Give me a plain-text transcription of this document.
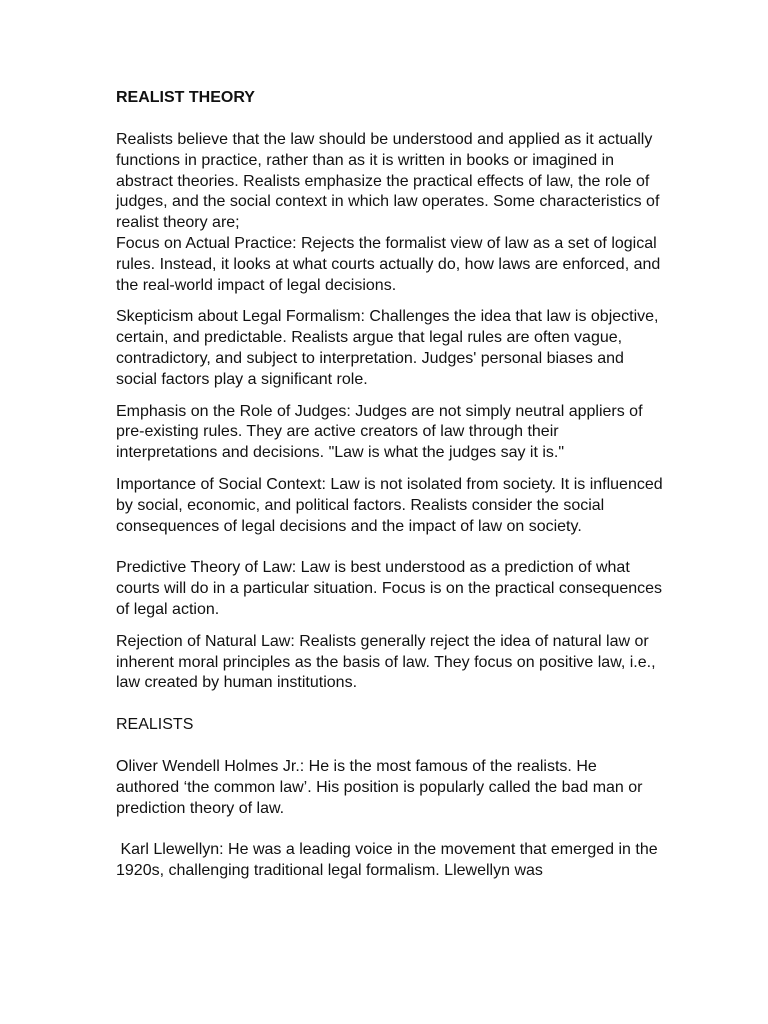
REALIST THEORY

Realists believe that the law should be understood and applied as it actually functions in practice, rather than as it is written in books or imagined in abstract theories. Realists emphasize the practical effects of law, the role of judges, and the social context in which law operates. Some characteristics of realist theory are;

Focus on Actual Practice: Rejects the formalist view of law as a set of logical rules. Instead, it looks at what courts actually do, how laws are enforced, and the real-world impact of legal decisions.

Skepticism about Legal Formalism: Challenges the idea that law is objective, certain, and predictable. Realists argue that legal rules are often vague, contradictory, and subject to interpretation. Judges' personal biases and social factors play a significant role.

Emphasis on the Role of Judges: Judges are not simply neutral appliers of pre-existing rules. They are active creators of law through their interpretations and decisions. "Law is what the judges say it is."

Importance of Social Context: Law is not isolated from society. It is influenced by social, economic, and political factors. Realists consider the social consequences of legal decisions and the impact of law on society.

Predictive Theory of Law: Law is best understood as a prediction of what courts will do in a particular situation. Focus is on the practical consequences of legal action.

Rejection of Natural Law: Realists generally reject the idea of natural law or inherent moral principles as the basis of law. They focus on positive law, i.e., law created by human institutions.

REALISTS

Oliver Wendell Holmes Jr.: He is the most famous of the realists. He authored ‘the common law’. His position is popularly called the bad man or prediction theory of law.

Karl Llewellyn: He was a leading voice in the movement that emerged in the 1920s, challenging traditional legal formalism. Llewellyn was
